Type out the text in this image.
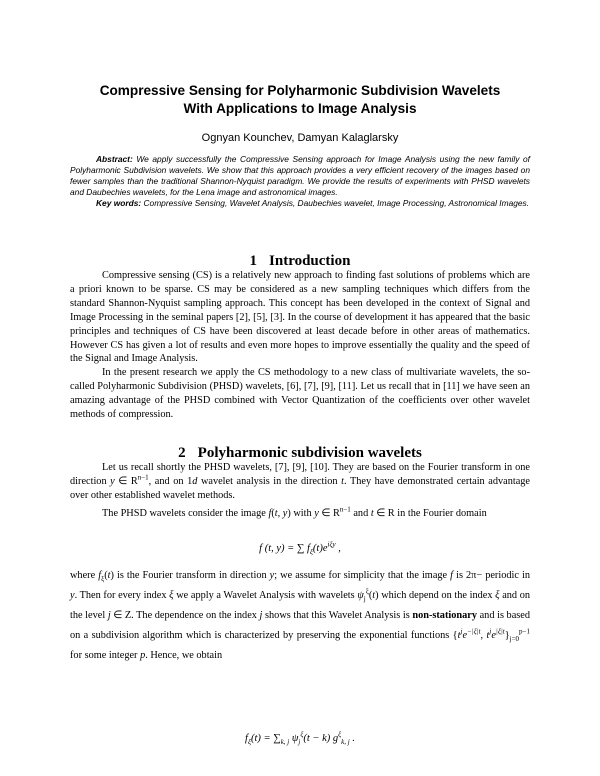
Compressive Sensing for Polyharmonic Subdivision Wavelets
With Applications to Image Analysis
Ognyan Kounchev, Damyan Kalaglarsky

Abstract: We apply successfully the Compressive Sensing approach for Image Analysis using the new family of Polyharmonic Subdivision wavelets. We show that this approach provides a very efficient recovery of the images based on fewer samples than the traditional Shannon-Nyquist paradigm. We provide the results of experiments with PHSD wavelets and Daubechies wavelets, for the Lena image and astronomical images.

Key words: Compressive Sensing, Wavelet Analysis, Daubechies wavelet, Image Processing, Astronomical Images.

1 Introduction

Compressive sensing (CS) is a relatively new approach to finding fast solutions of problems which are a priori known to be sparse. CS may be considered as a new sampling techniques which differs from the standard Shannon-Nyquist sampling approach. This concept has been developed in the context of Signal and Image Processing in the seminal papers [2], [5], [3]. In the course of development it has appeared that the basic principles and techniques of CS have been discovered at least decade before in other areas of mathematics. However CS has given a lot of results and even more hopes to improve essentially the quality and the speed of the Signal and Image Analysis.

In the present research we apply the CS methodology to a new class of multivariate wavelets, the so-called Polyharmonic Subdivision (PHSD) wavelets, [6], [7], [9], [11]. Let us recall that in [11] we have seen an amazing advantage of the PHSD combined with Vector Quantization of the coefficients over other wavelet methods of compression.

2 Polyharmonic subdivision wavelets

Let us recall shortly the PHSD wavelets, [7], [9], [10]. They are based on the Fourier transform in one direction y ∈ $R^{n-1}$, and on 1d wavelet analysis in the direction t. They have demonstrated certain advantage over other established wavelet methods.

The PHSD wavelets consider the image f(t, y) with y ∈ $R^{n-1}$ and t ∈ R in the Fourier domain

f (t, y) = ∑ $f_\xi(t)e^{i\xi y}$ ,

where $f_\xi(t)$ is the Fourier transform in direction y; we assume for simplicity that the image f is 2π− periodic in y. Then for every index ξ we apply a Wavelet Analysis with wavelets $\psi_j^\xi(t)$ which depend on the index ξ and on the level j ∈ Z. The dependence on the index j shows that this Wavelet Analysis is non-stationary and is based on a subdivision algorithm which is characterized by preserving the exponential functions {$t^je^{-|\xi|t}$, $t^je^{|\xi|t}\}_{j=0}^{p-1}$ for some integer p. Hence, we obtain

$f_\xi(t) = \sum_{k, j}$ $\psi_j^\xi(t - k)$ $g^\xi_{k, j}$ .
